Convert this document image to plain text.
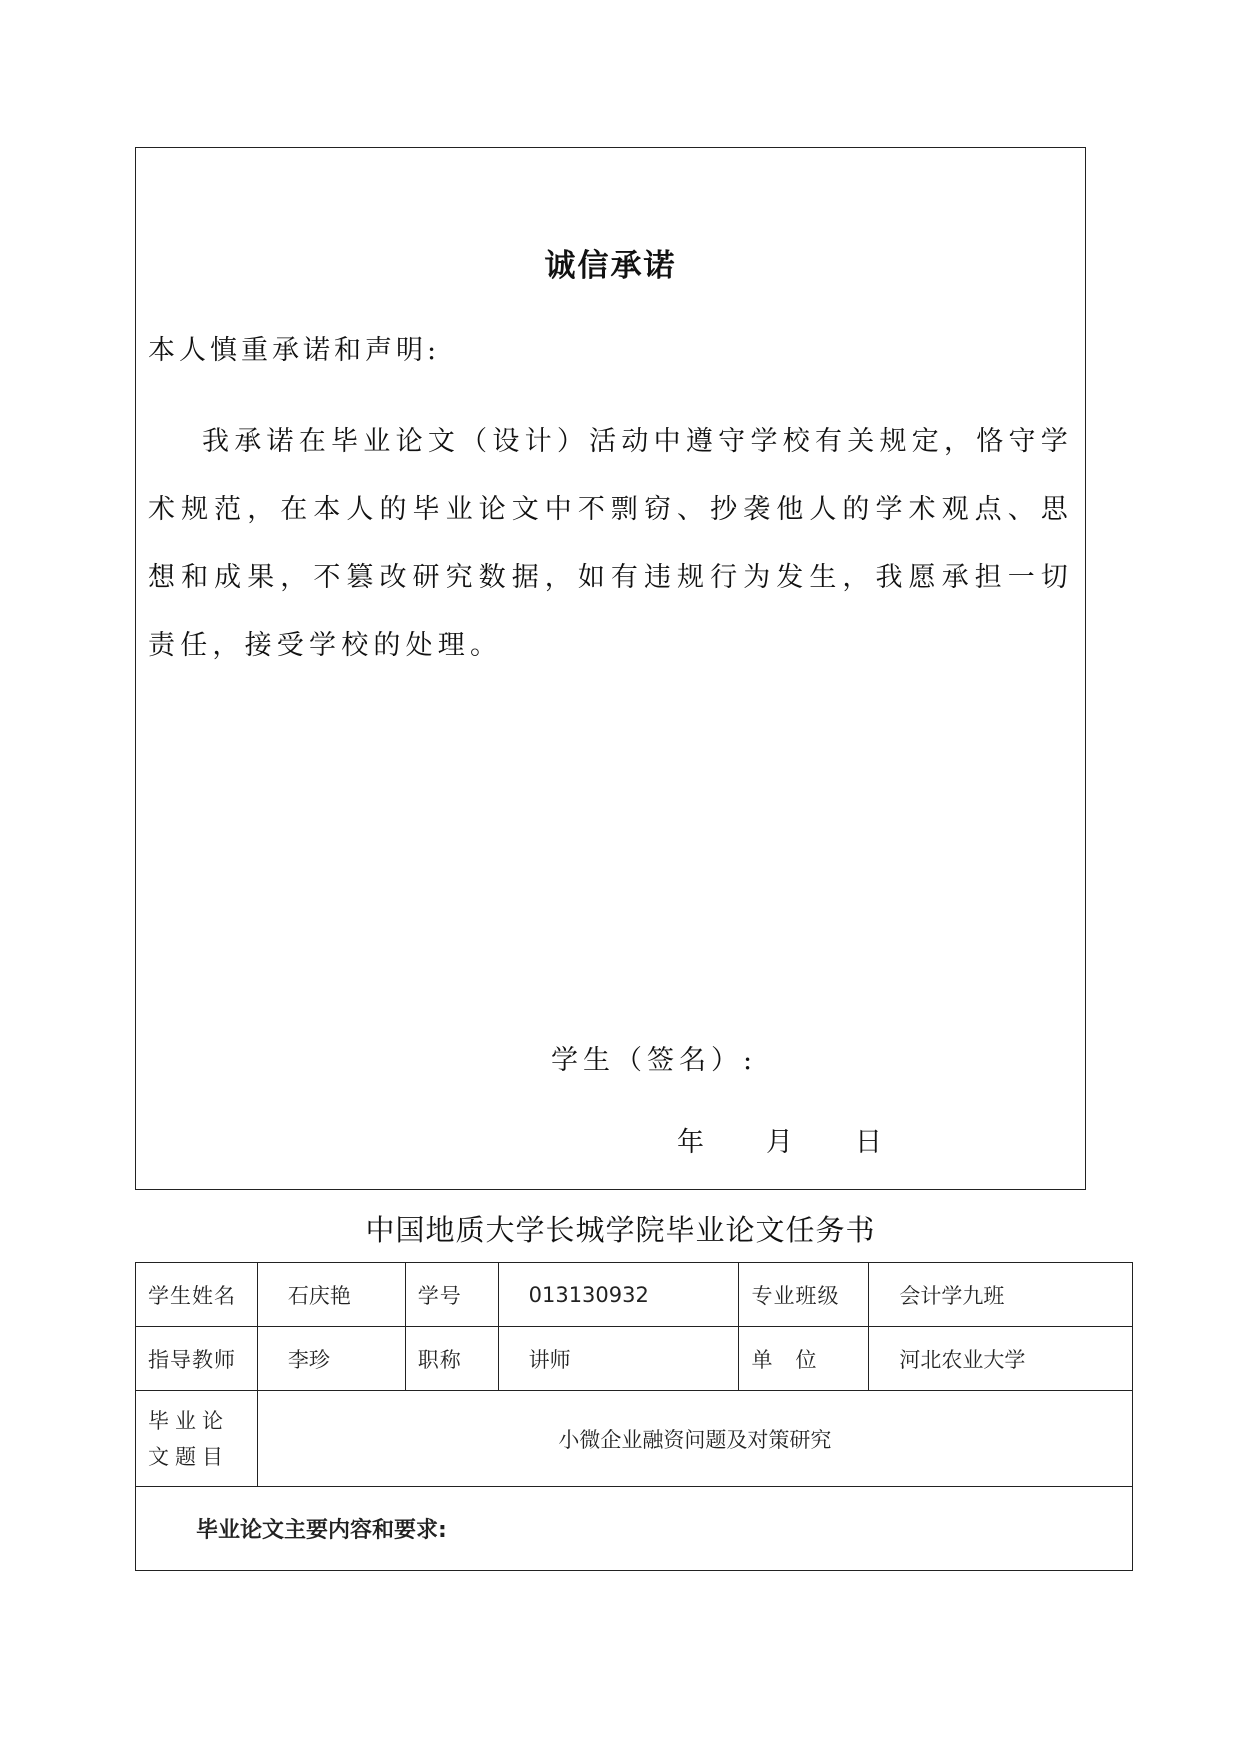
诚信承诺
本人慎重承诺和声明:

我承诺在毕业论文（设计）活动中遵守学校有关规定，恪守学术规范，在本人的毕业论文中不剽窃、抄袭他人的学术观点、思想和成果，不篡改研究数据，如有违规行为发生，我愿承担一切责任，接受学校的处理。

学生（签名）:
年 月 日
中国地质大学长城学院毕业论文任务书
学生姓名	石庆艳	学号	013130932	专业班级	会计学九班
指导教师	李珍	职称	讲师	单　位	河北农业大学
毕业论文题目	小微企业融资问题及对策研究				
毕业论文主要内容和要求:					
